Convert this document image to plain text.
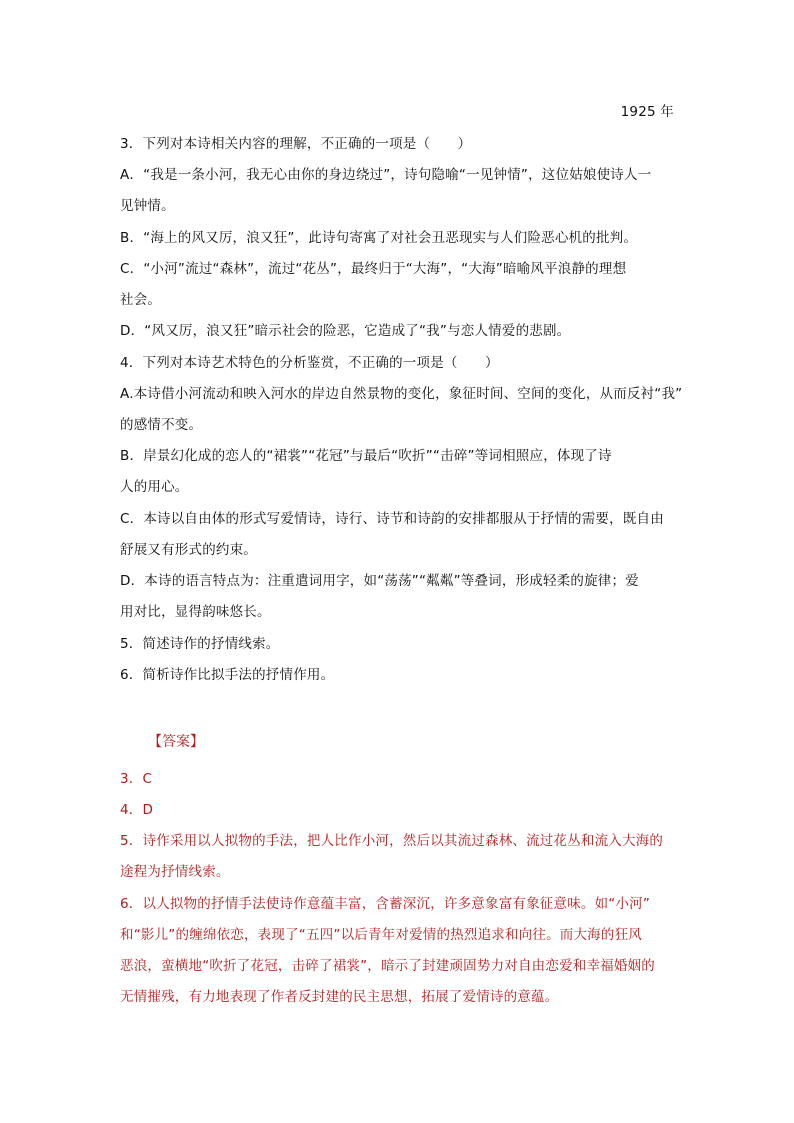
1925 年
3．下列对本诗相关内容的理解，不正确的一项是（　　）
A．“我是一条小河，我无心由你的身边绕过”，诗句隐喻“一见钟情”，这位姑娘使诗人一
见钟情。
B．“海上的风又厉，浪又狂”，此诗句寄寓了对社会丑恶现实与人们险恶心机的批判。
C．“小河”流过“森林”，流过“花丛”，最终归于“大海”，“大海”暗喻风平浪静的理想
社会。
D．“风又厉，浪又狂”暗示社会的险恶，它造成了“我”与恋人情爱的悲剧。
4．下列对本诗艺术特色的分析鉴赏，不正确的一项是（　　）
A.本诗借小河流动和映入河水的岸边自然景物的变化，象征时间、空间的变化，从而反衬“我”
的感情不变。
B．岸景幻化成的恋人的“裙裳”“花冠”与最后“吹折”“击碎”等词相照应，体现了诗
人的用心。
C．本诗以自由体的形式写爱情诗，诗行、诗节和诗韵的安排都服从于抒情的需要，既自由
舒展又有形式的约束。
D．本诗的语言特点为：注重遣词用字，如“荡荡”“粼粼”等叠词，形成轻柔的旋律；爱
用对比，显得韵味悠长。
5．简述诗作的抒情线索。
6．简析诗作比拟手法的抒情作用。
【答案】
3．C
4．D
5．诗作采用以人拟物的手法，把人比作小河，然后以其流过森林、流过花丛和流入大海的
途程为抒情线索。
6．以人拟物的抒情手法使诗作意蕴丰富，含蓄深沉，许多意象富有象征意味。如“小河”
和“影儿”的缠绵依恋，表现了“五四”以后青年对爱情的热烈追求和向往。而大海的狂风
恶浪，蛮横地“吹折了花冠，击碎了裙裳”，暗示了封建顽固势力对自由恋爱和幸福婚姻的
无情摧残，有力地表现了作者反封建的民主思想，拓展了爱情诗的意蕴。
